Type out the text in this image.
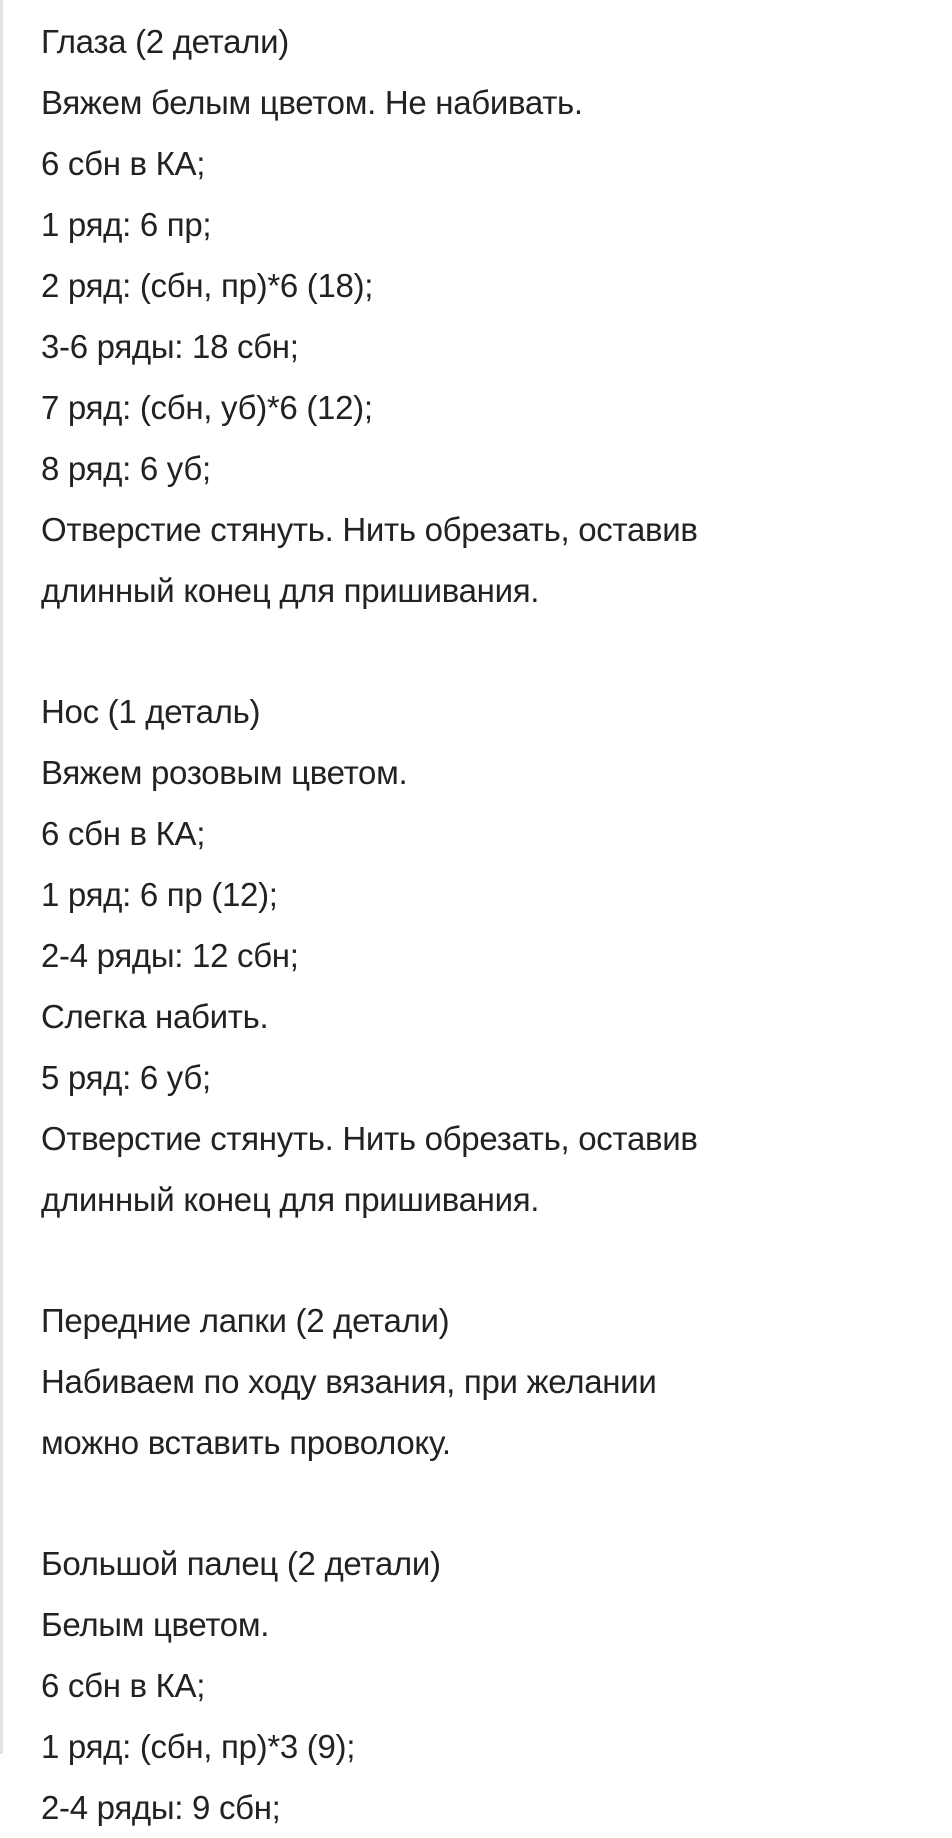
Глаза (2 детали)
Вяжем белым цветом. Не набивать.
6 сбн в КА;
1 ряд: 6 пр;
2 ряд: (сбн, пр)*6 (18);
3-6 ряды: 18 сбн;
7 ряд: (сбн, уб)*6 (12);
8 ряд: 6 уб;
Отверстие стянуть. Нить обрезать, оставив
длинный конец для пришивания.
Нос (1 деталь)
Вяжем розовым цветом.
6 сбн в КА;
1 ряд: 6 пр (12);
2-4 ряды: 12 сбн;
Слегка набить.
5 ряд: 6 уб;
Отверстие стянуть. Нить обрезать, оставив
длинный конец для пришивания.
Передние лапки (2 детали)
Набиваем по ходу вязания, при желании
можно вставить проволоку.
Большой палец (2 детали)
Белым цветом.
6 сбн в КА;
1 ряд: (сбн, пр)*3 (9);
2-4 ряды: 9 сбн;
